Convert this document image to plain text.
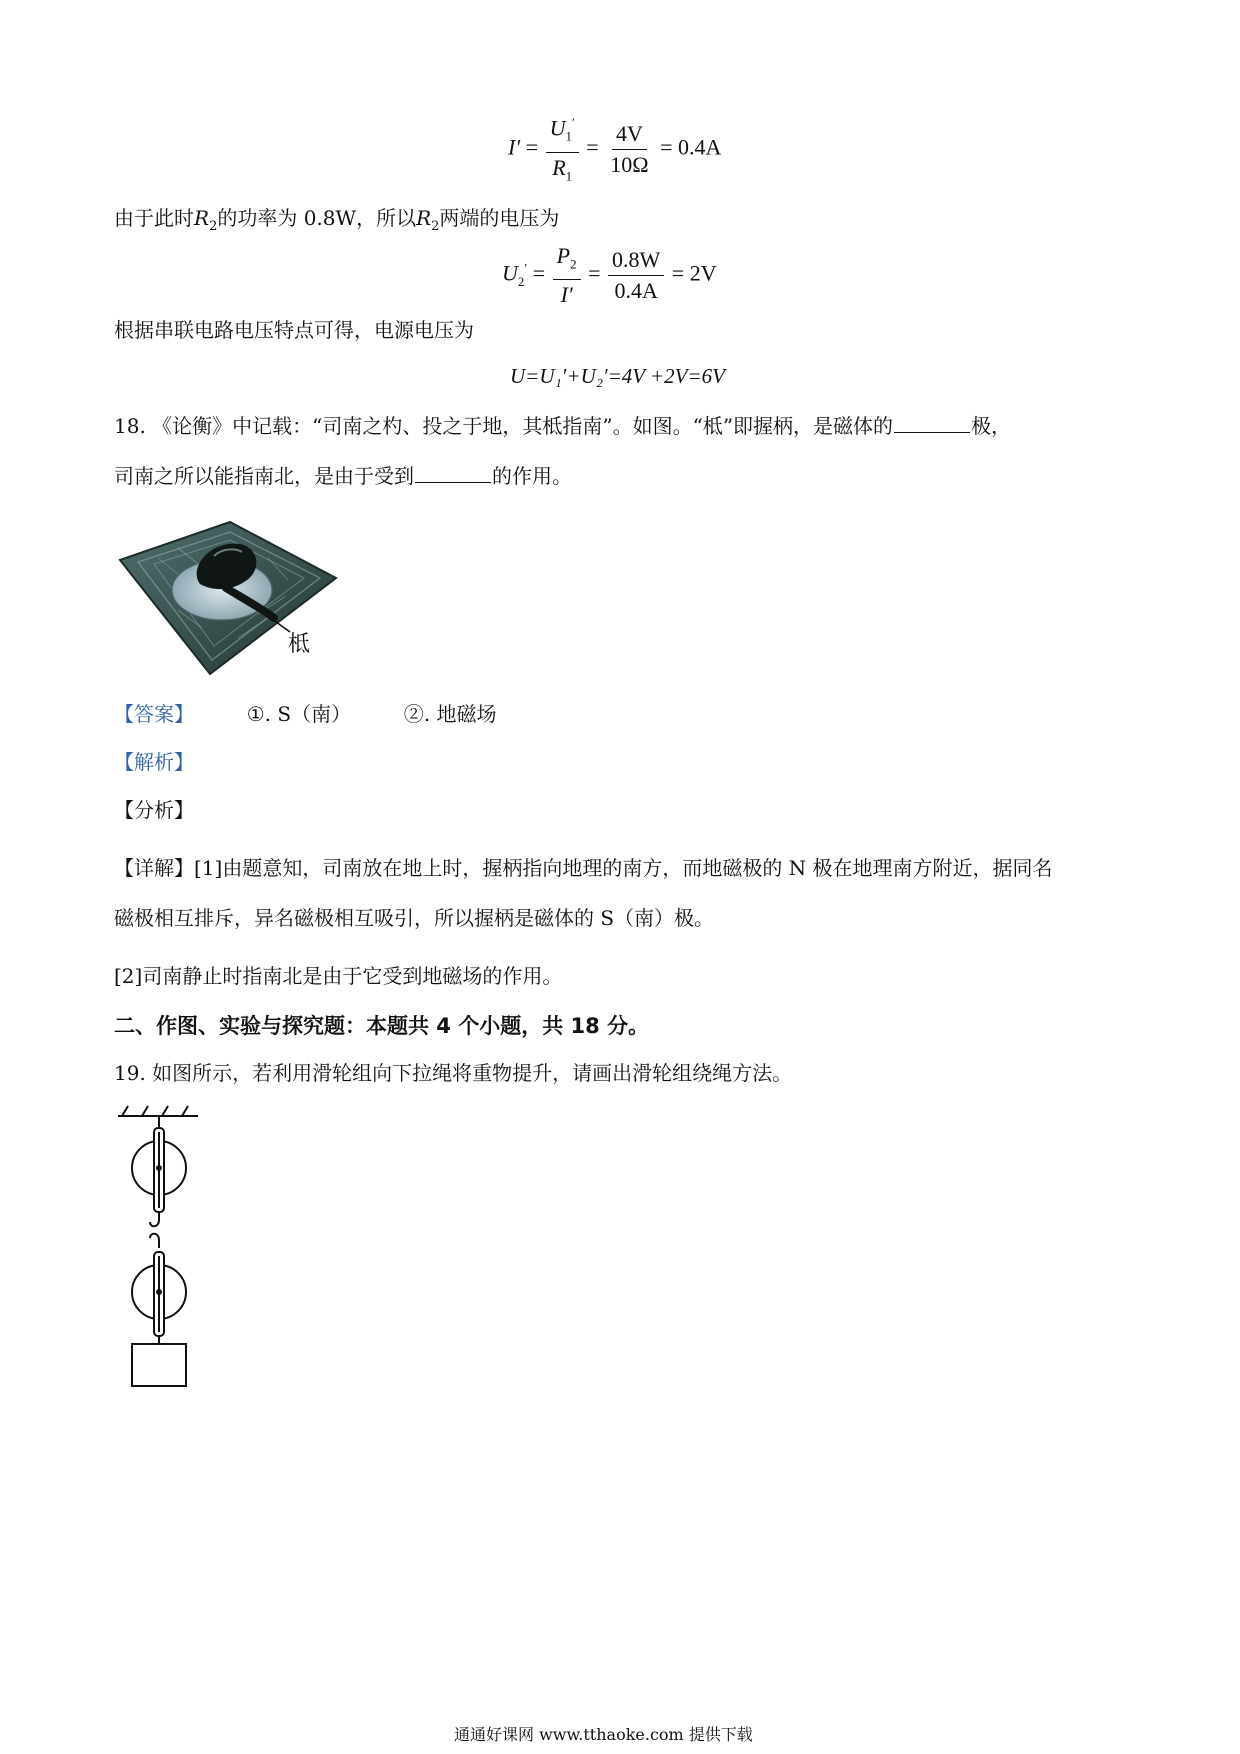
$I' = \frac{U_1'}{R_1} = \frac{4V}{10\Omega} = 0.4A$
由于此时$R_2$的功率为 0.8W，所以$R_2$两端的电压为
$U_2' = \frac{P_2}{I'} = \frac{0.8W}{0.4A} = 2V$
根据串联电路电压特点可得，电源电压为
U=U₁′+U₂′=4V +2V=6V
18. 《论衡》中记载：“司南之杓、投之于地，其柢指南”。如图。“柢”即握柄，是磁体的	极，
司南之所以能指南北，是由于受到	的作用。
柢
【答案】	①. S（南）	②. 地磁场
【解析】
【分析】
【详解】[1]由题意知，司南放在地上时，握柄指向地理的南方，而地磁极的 N 极在地理南方附近，据同名
磁极相互排斥，异名磁极相互吸引，所以握柄是磁体的 S（南）极。
[2]司南静止时指南北是由于它受到地磁场的作用。
二、作图、实验与探究题：本题共 4 个小题，共 18 分。
19. 如图所示，若利用滑轮组向下拉绳将重物提升，请画出滑轮组绕绳方法。
通通好课网 www.tthaoke.com 提供下载
